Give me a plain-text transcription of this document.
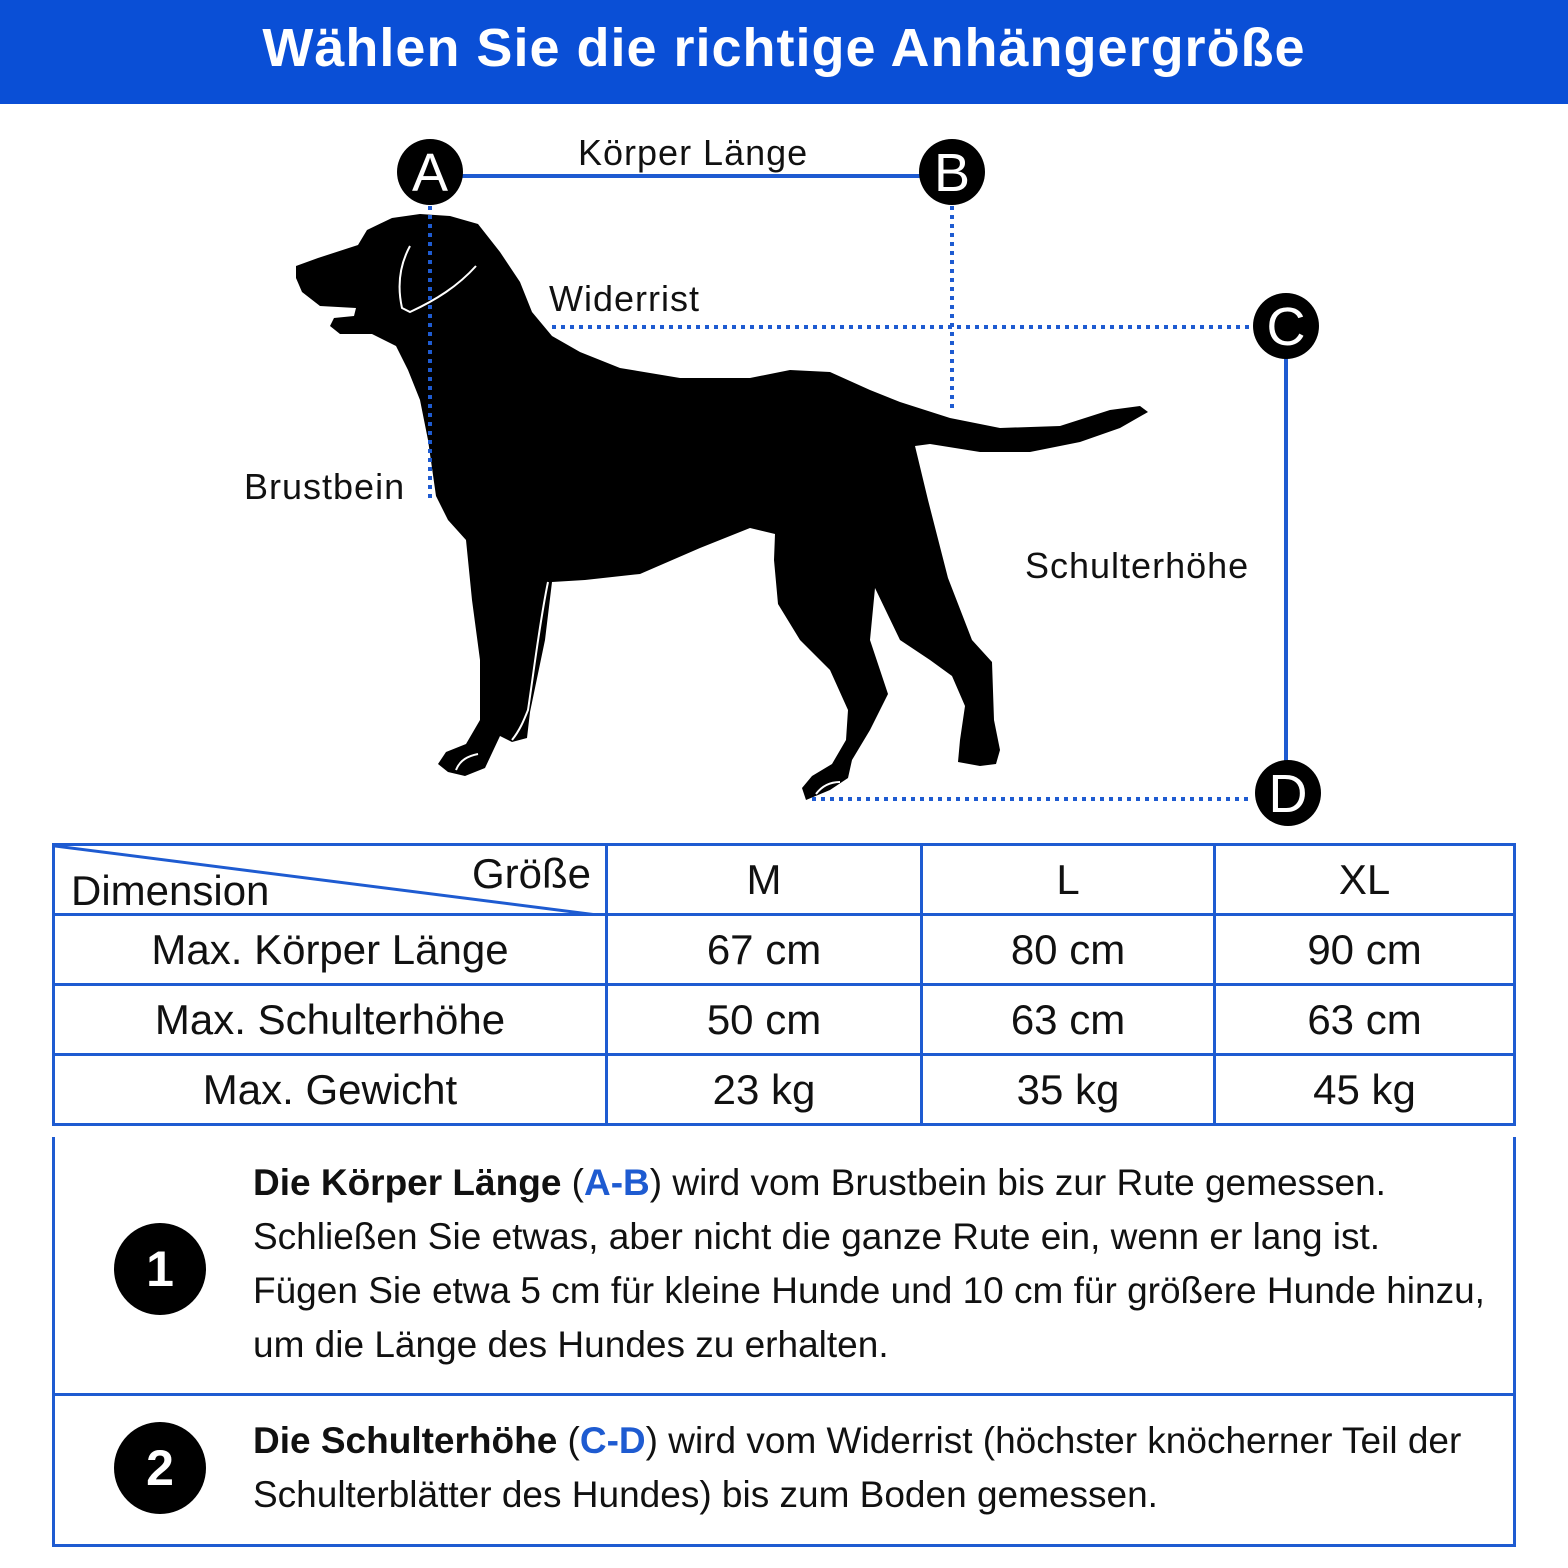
Wählen Sie die richtige Anhängergröße
A	B
C
D
Körper Länge
Widerrist
Brustbein
Schulterhöhe
Größe
Dimension	M	L	XL
Max. Körper Länge	67 cm	80 cm	90 cm
Max. Schulterhöhe	50 cm	63 cm	63 cm
Max. Gewicht	23 kg	35 kg	45 kg
1
Die Körper Länge (A-B) wird vom Brustbein bis zur Rute gemessen. Schließen Sie etwas, aber nicht die ganze Rute ein, wenn er lang ist. Fügen Sie etwa 5 cm für kleine Hunde und 10 cm für größere Hunde hinzu, um die Länge des Hundes zu erhalten.
2	Die Schulterhöhe (C-D) wird vom Widerrist (höchster knöcherner Teil der Schulterblätter des Hundes) bis zum Boden gemessen.
